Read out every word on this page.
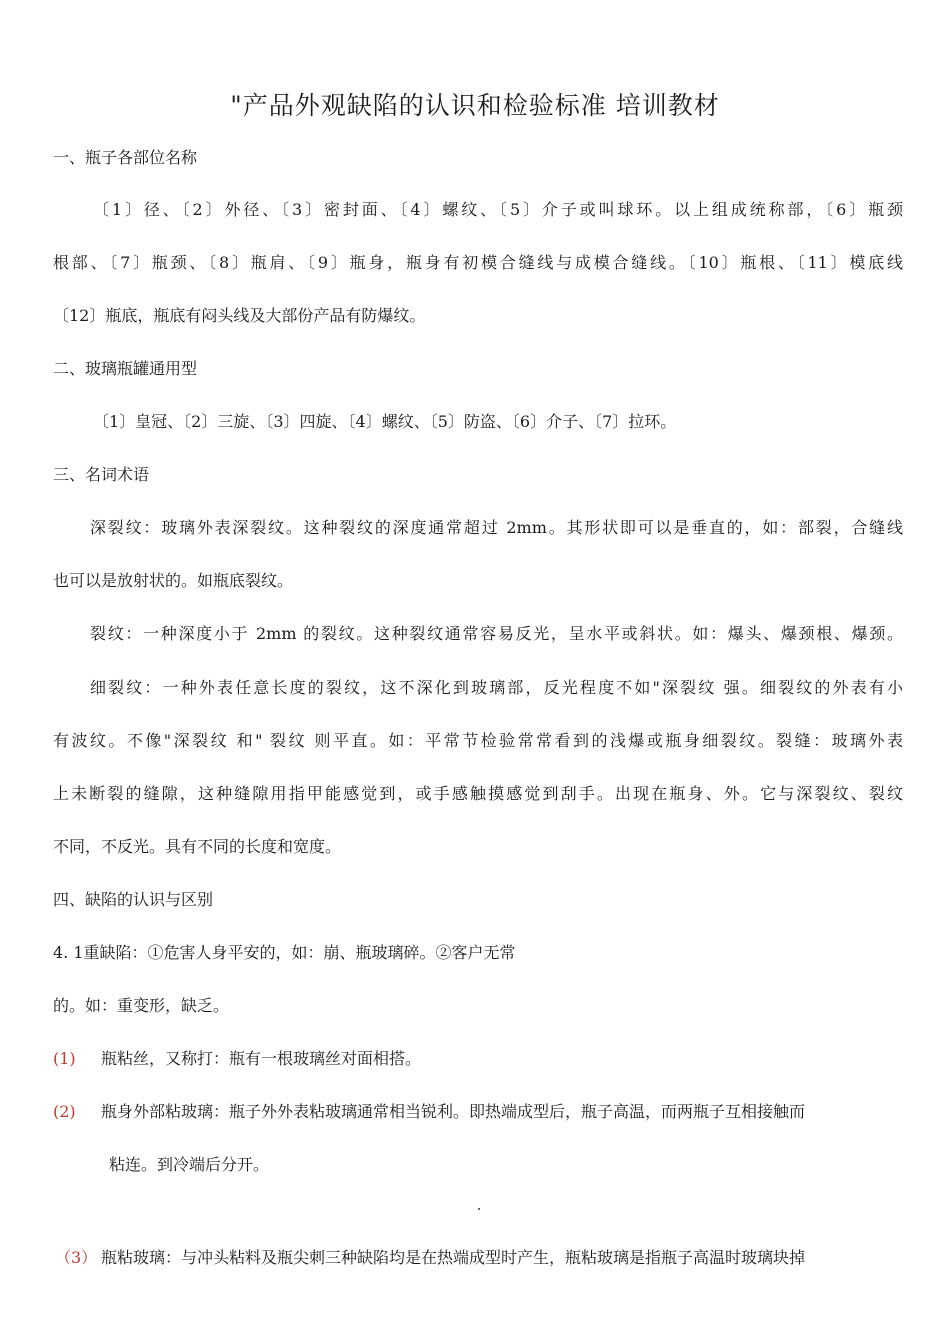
"产品外观缺陷的认识和检验标准 培训教材
一、瓶子各部位名称
〔1〕径、〔2〕外径、〔3〕密封面、〔4〕螺纹、〔5〕介子或叫球环。以上组成统称部，〔6〕瓶颈
根部、〔7〕瓶颈、〔8〕瓶肩、〔9〕瓶身，瓶身有初模合缝线与成模合缝线。〔10〕瓶根、〔11〕模底线
〔12〕瓶底，瓶底有闷头线及大部份产品有防爆纹。
二、玻璃瓶罐通用型
〔1〕皇冠、〔2〕三旋、〔3〕四旋、〔4〕螺纹、〔5〕防盗、〔6〕介子、〔7〕拉环。
三、名词术语
深裂纹：玻璃外表深裂纹。这种裂纹的深度通常超过 2mm。其形状即可以是垂直的，如：部裂，合缝线
也可以是放射状的。如瓶底裂纹。
裂纹：一种深度小于 2mm 的裂纹。这种裂纹通常容易反光，呈水平或斜状。如：爆头、爆颈根、爆颈。
细裂纹：一种外表任意长度的裂纹，这不深化到玻璃部，反光程度不如"深裂纹 强。细裂纹的外表有小
有波纹。不像"深裂纹 和" 裂纹 则平直。如：平常节检验常常看到的浅爆或瓶身细裂纹。裂缝：玻璃外表
上未断裂的缝隙，这种缝隙用指甲能感觉到，或手感触摸感觉到刮手。出现在瓶身、外。它与深裂纹、裂纹
不同，不反光。具有不同的长度和宽度。
四、缺陷的认识与区别
4. 1重缺陷：①危害人身平安的，如：崩、瓶玻璃碎。②客户无常
的。如：重变形，缺乏。
(1) 瓶粘丝，又称打：瓶有一根玻璃丝对面相搭。
(2) 瓶身外部粘玻璃：瓶子外外表粘玻璃通常相当锐利。即热端成型后，瓶子高温，而两瓶子互相接触而
粘连。到冷端后分开。
（3） 瓶粘玻璃：与冲头粘料及瓶尖刺三种缺陷均是在热端成型时产生，瓶粘玻璃是指瓶子高温时玻璃块掉
